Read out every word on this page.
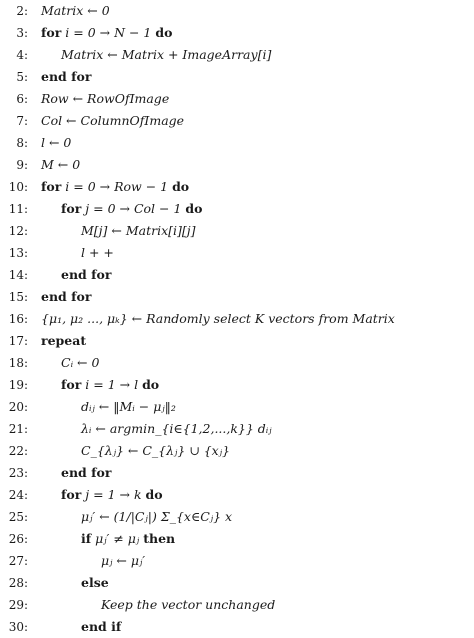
2: Matrix ← 0
3: for i = 0 → N − 1 do
4:	Matrix ← Matrix + ImageArray[i]
5: end for
6: Row ← RowOfImage
7: Col ← ColumnOfImage
8: l ← 0
9: M ← 0
10: for i = 0 → Row − 1 do
11:	for j = 0 → Col − 1 do
12:	M[j] ← Matrix[i][j]
13:	l + +
14:	end for
15: end for
16: {μ₁, μ₂ ..., μₖ} ← Randomly select K vectors from Matrix
17: repeat
18:	Cᵢ ← 0
19:	for i = 1 → l do
20:	dᵢⱼ ← ‖Mᵢ − μⱼ‖₂
21:	λᵢ ← argmin_{i∈{1,2,...,k}} dᵢⱼ
22:	C_{λⱼ} ← C_{λⱼ} ∪ {xⱼ}
23:	end for
24:	for j = 1 → k do
25:	μⱼ′ ← (1/|Cⱼ|) Σ_{x∈Cⱼ} x
26:	if μⱼ′ ≠ μⱼ then
27:	μⱼ ← μⱼ′
28:	else
29:	Keep the vector unchanged
30:	end if
